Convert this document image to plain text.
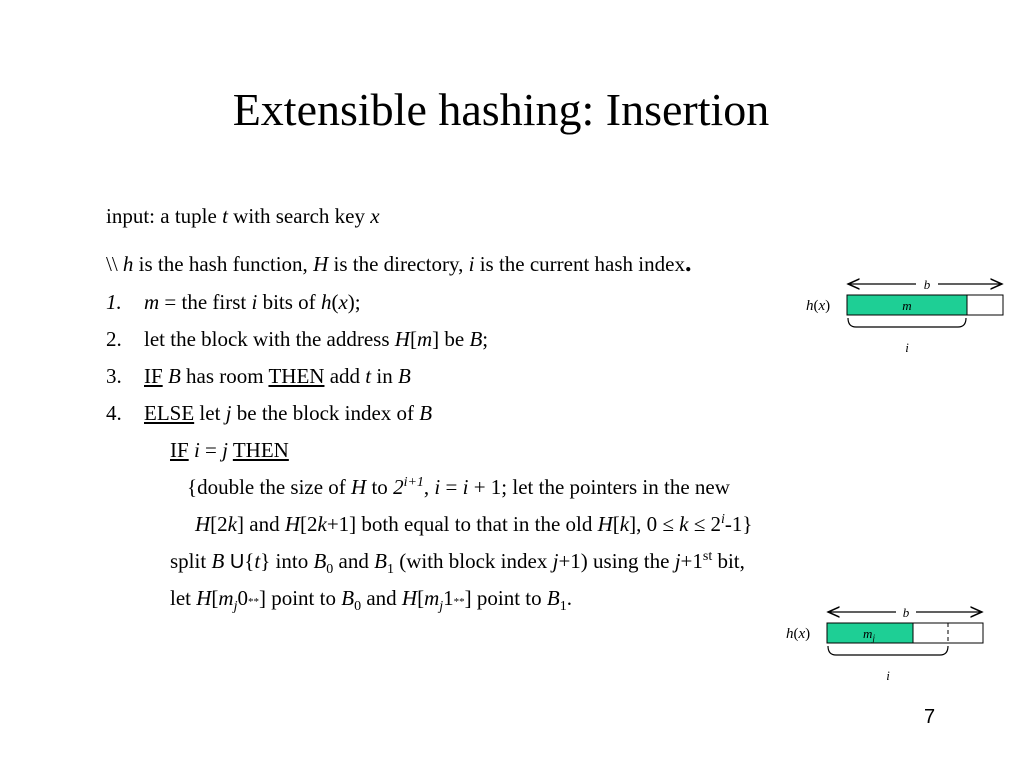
Extensible hashing: Insertion
input: a tuple t with search key x
\\ h is the hash function, H is the directory, i is the current hash index.
1. m = the first i bits of h(x);
2. let the block with the address H[m] be B;
3. IF B has room THEN add t in B
4. ELSE let j be the block index of B
IF i = j THEN
{double the size of H to $2^{i+1}$, i = i + 1; let the pointers in the new
H[2k] and H[2k+1] both equal to that in the old H[k], $0 \le k \le 2^i-1$}
split B U{t} into $B_0$ and $B_1$ (with block index j+1) using the j+1st bit,
let $H[m_j0**]$ point to $B_0$ and $H[m_j1**]$ point to $B_1$.
b
h(x)	m
i
b
h(x)	$m_j$
i
7
